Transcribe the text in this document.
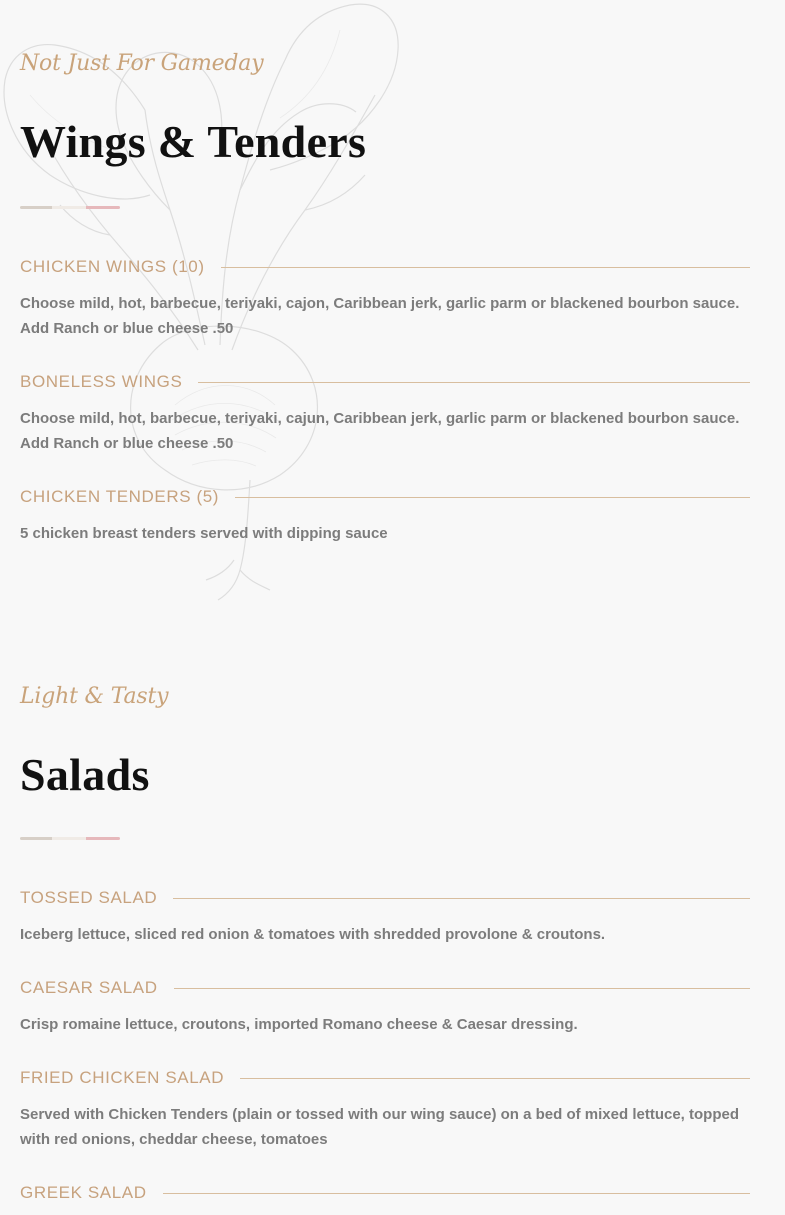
Not Just For Gameday
Wings & Tenders
CHICKEN WINGS (10)
Choose mild, hot, barbecue, teriyaki, cajon, Caribbean jerk, garlic parm or blackened bourbon sauce. Add Ranch or blue cheese .50
BONELESS WINGS
Choose mild, hot, barbecue, teriyaki, cajun, Caribbean jerk, garlic parm or blackened bourbon sauce. Add Ranch or blue cheese .50
CHICKEN TENDERS (5)
5 chicken breast tenders served with dipping sauce
Light & Tasty
Salads
TOSSED SALAD
Iceberg lettuce, sliced red onion & tomatoes with shredded provolone & croutons.
CAESAR SALAD
Crisp romaine lettuce, croutons, imported Romano cheese & Caesar dressing.
FRIED CHICKEN SALAD
Served with Chicken Tenders (plain or tossed with our wing sauce) on a bed of mixed lettuce, topped with red onions, cheddar cheese, tomatoes
GREEK SALAD
